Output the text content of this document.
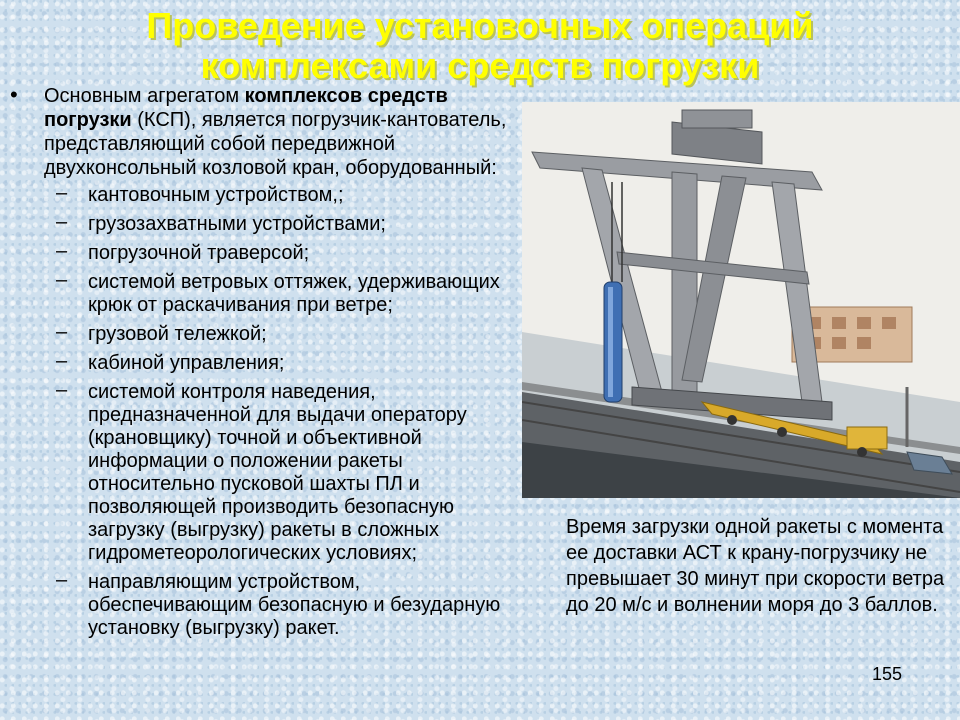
Проведение установочных операций
комплексами средств погрузки
• Основным агрегатом комплексов средств погрузки (КСП), является погрузчик-кантователь, представляющий собой передвижной двухконсольный козловой кран, оборудованный:
– кантовочным устройством,;
– грузозахватными устройствами;
– погрузочной траверсой;
– системой ветровых оттяжек, удерживающих крюк от раскачивания при ветре;
– грузовой тележкой;
– кабиной управления;
– системой контроля наведения, предназначенной для выдачи оператору (крановщику) точной и объективной информации о положении ракеты относительно пусковой шахты ПЛ и позволяющей производить безопасную загрузку (выгрузку) ракеты в сложных гидрометеорологических условиях;
– направляющим устройством, обеспечивающим безопасную и безударную установку (выгрузку) ракет.
Время загрузки одной ракеты с момента ее доставки АСТ к крану-погрузчику не превышает 30 минут при скорости ветра до 20 м/с и волнении моря до 3 баллов.
155
